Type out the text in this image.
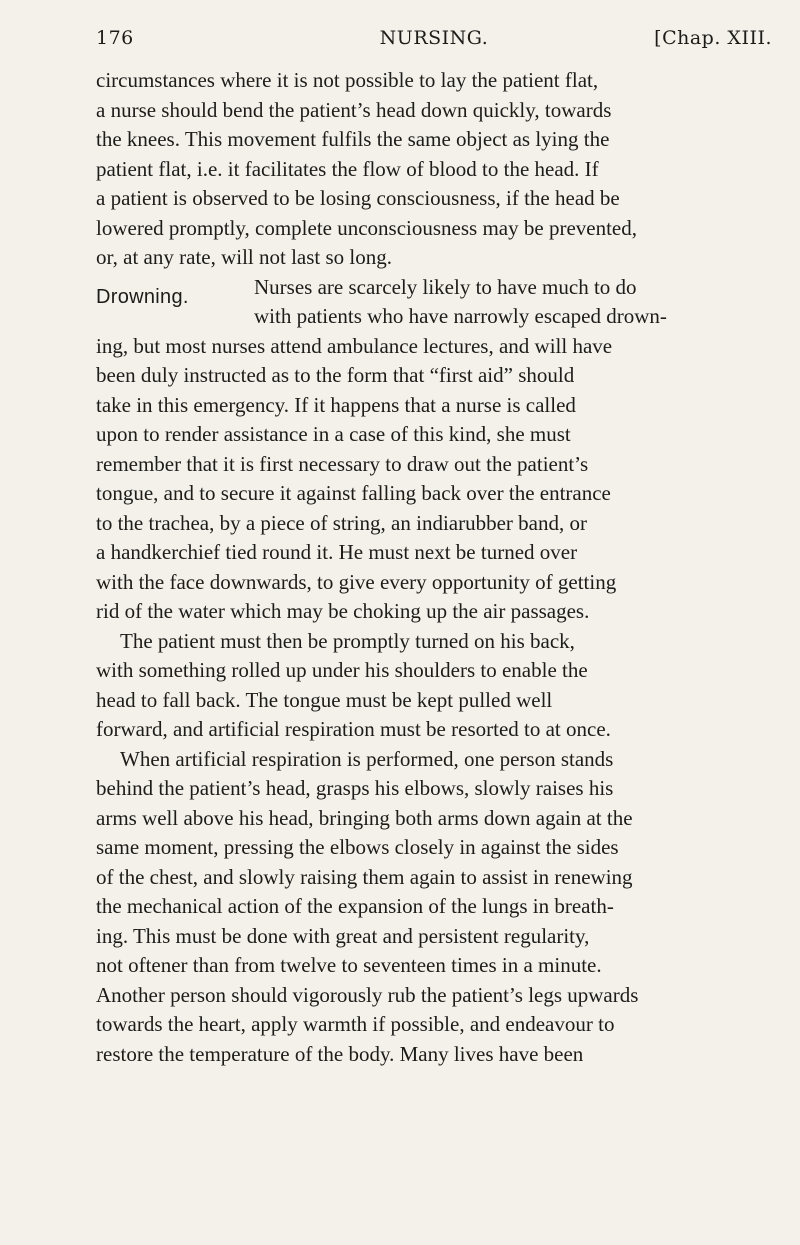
176	NURSING.	[Chap. XIII.
Drowning.
circumstances where it is not possible to lay the patient flat,
a nurse should bend the patient’s head down quickly, towards
the knees. This movement fulfils the same object as lying the
patient flat, i.e. it facilitates the flow of blood to the head. If
a patient is observed to be losing consciousness, if the head be
lowered promptly, complete unconsciousness may be prevented,
or, at any rate, will not last so long.
Nurses are scarcely likely to have much to do
with patients who have narrowly escaped drown-
ing, but most nurses attend ambulance lectures, and will have
been duly instructed as to the form that “first aid” should
take in this emergency. If it happens that a nurse is called
upon to render assistance in a case of this kind, she must
remember that it is first necessary to draw out the patient’s
tongue, and to secure it against falling back over the entrance
to the trachea, by a piece of string, an indiarubber band, or
a handkerchief tied round it. He must next be turned over
with the face downwards, to give every opportunity of getting
rid of the water which may be choking up the air passages.
The patient must then be promptly turned on his back,
with something rolled up under his shoulders to enable the
head to fall back. The tongue must be kept pulled well
forward, and artificial respiration must be resorted to at once.
When artificial respiration is performed, one person stands
behind the patient’s head, grasps his elbows, slowly raises his
arms well above his head, bringing both arms down again at the
same moment, pressing the elbows closely in against the sides
of the chest, and slowly raising them again to assist in renewing
the mechanical action of the expansion of the lungs in breath-
ing. This must be done with great and persistent regularity,
not oftener than from twelve to seventeen times in a minute.
Another person should vigorously rub the patient’s legs upwards
towards the heart, apply warmth if possible, and endeavour to
restore the temperature of the body. Many lives have been
